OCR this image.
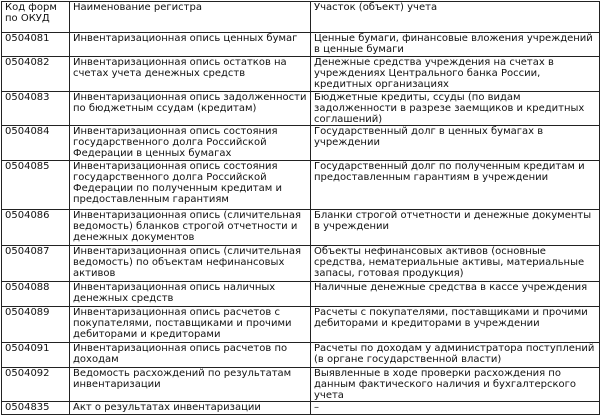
Код форм по ОКУД	Наименование регистра	Участок (объект) учета
0504081	Инвентаризационная опись ценных бумаг	Ценные бумаги, финансовые вложения учреждений в ценные бумаги
0504082	Инвентаризационная опись остатков на счетах учета денежных средств	Денежные средства учреждения на счетах в учреждениях Центрального банка России, кредитных организациях
0504083	Инвентаризационная опись задолженности по бюджетным ссудам (кредитам)	Бюджетные кредиты, ссуды (по видам задолженности в разрезе заемщиков и кредитных соглашений)
0504084	Инвентаризационная опись состояния государственного долга Российской Федерации в ценных бумагах	Государственный долг в ценных бумагах в учреждении
0504085	Инвентаризационная опись состояния государственного долга Российской Федерации по полученным кредитам и предоставленным гарантиям	Государственный долг по полученным кредитам и предоставленным гарантиям в учреждении
0504086	Инвентаризационная опись (сличительная ведомость) бланков строгой отчетности и денежных документов	Бланки строгой отчетности и денежные документы в учреждении
0504087	Инвентаризационная опись (сличительная ведомость) по объектам нефинансовых активов	Объекты нефинансовых активов (основные средства, нематериальные активы, материальные запасы, готовая продукция)
0504088	Инвентаризационная опись наличных денежных средств	Наличные денежные средства в кассе учреждения
0504089	Инвентаризационная опись расчетов с покупателями, поставщиками и прочими дебиторами и кредиторами	Расчеты с покупателями, поставщиками и прочими дебиторами и кредиторами в учреждении
0504091	Инвентаризационная опись расчетов по доходам	Расчеты по доходам у администратора поступлений (в органе государственной власти)
0504092	Ведомость расхождений по результатам инвентаризации	Выявленные в ходе проверки расхождения по данным фактического наличия и бухгалтерского учета
0504835	Акт о результатах инвентаризации	–
